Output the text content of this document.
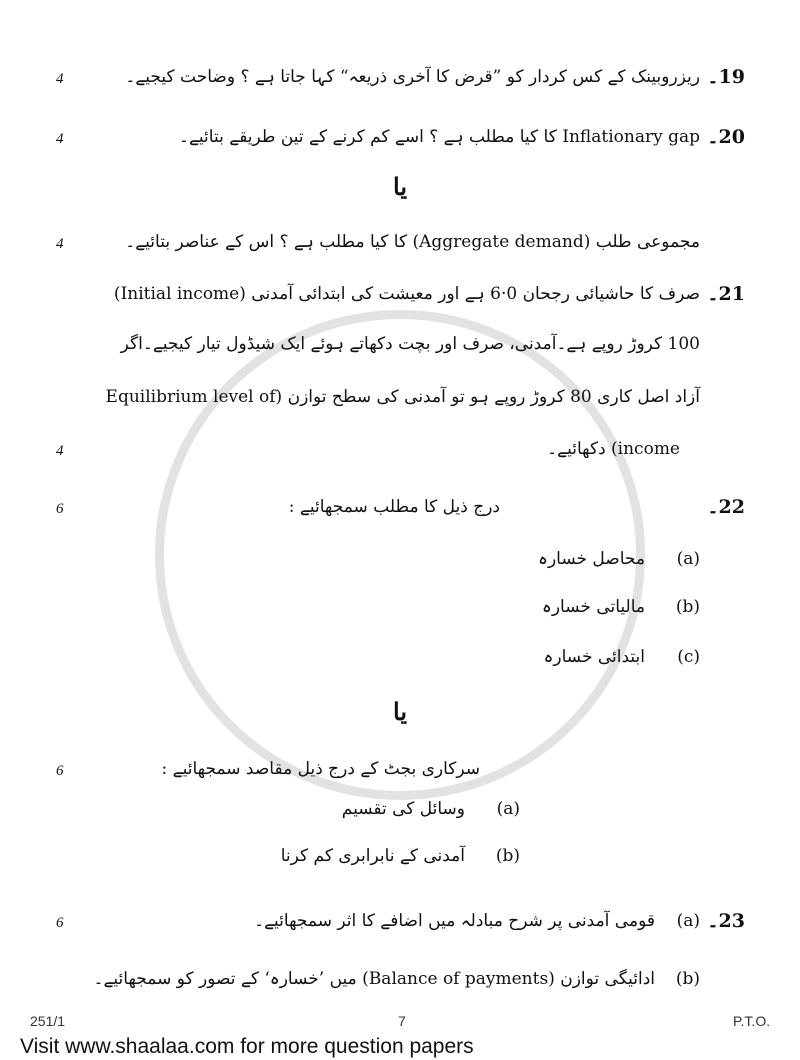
19۔
ریزروبینک کے کس کردار کو ”قرض کا آخری ذریعہ“ کہا جاتا ہے ؟ وضاحت کیجیے۔
4
20۔
Inflationary gap کا کیا مطلب ہے ؟ اسے کم کرنے کے تین طریقے بتائیے۔
4
یا
مجموعی طلب (Aggregate demand) کا کیا مطلب ہے ؟ اس کے عناصر بتائیے۔
4
21۔
صرف کا حاشیائی رجحان 0·6 ہے اور معیشت کی ابتدائی آمدنی (Initial income)
100 کروڑ روپے ہے۔آمدنی، صرف اور بچت دکھاتے ہوئے ایک شیڈول تیار کیجیے۔اگر
آزاد اصل کاری 80 کروڑ روپے ہو تو آمدنی کی سطح توازن (Equilibrium level of
income) دکھائیے۔
4
22۔
درج ذیل کا مطلب سمجھائیے :
6
(a)
محاصل خسارہ
(b)
مالیاتی خسارہ
(c)
ابتدائی خسارہ
یا
سرکاری بجٹ کے درج ذیل مقاصد سمجھائیے :
6
(a)
وسائل کی تقسیم
(b)
آمدنی کے نابرابری کم کرنا
23۔
(a)
قومی آمدنی پر شرح مبادلہ میں اضافے کا اثر سمجھائیے۔
6
(b)
ادائیگی توازن (Balance of payments) میں ’خسارہ‘ کے تصور کو سمجھائیے۔
251/1	7	P.T.O.
Visit www.shaalaa.com for more question papers
